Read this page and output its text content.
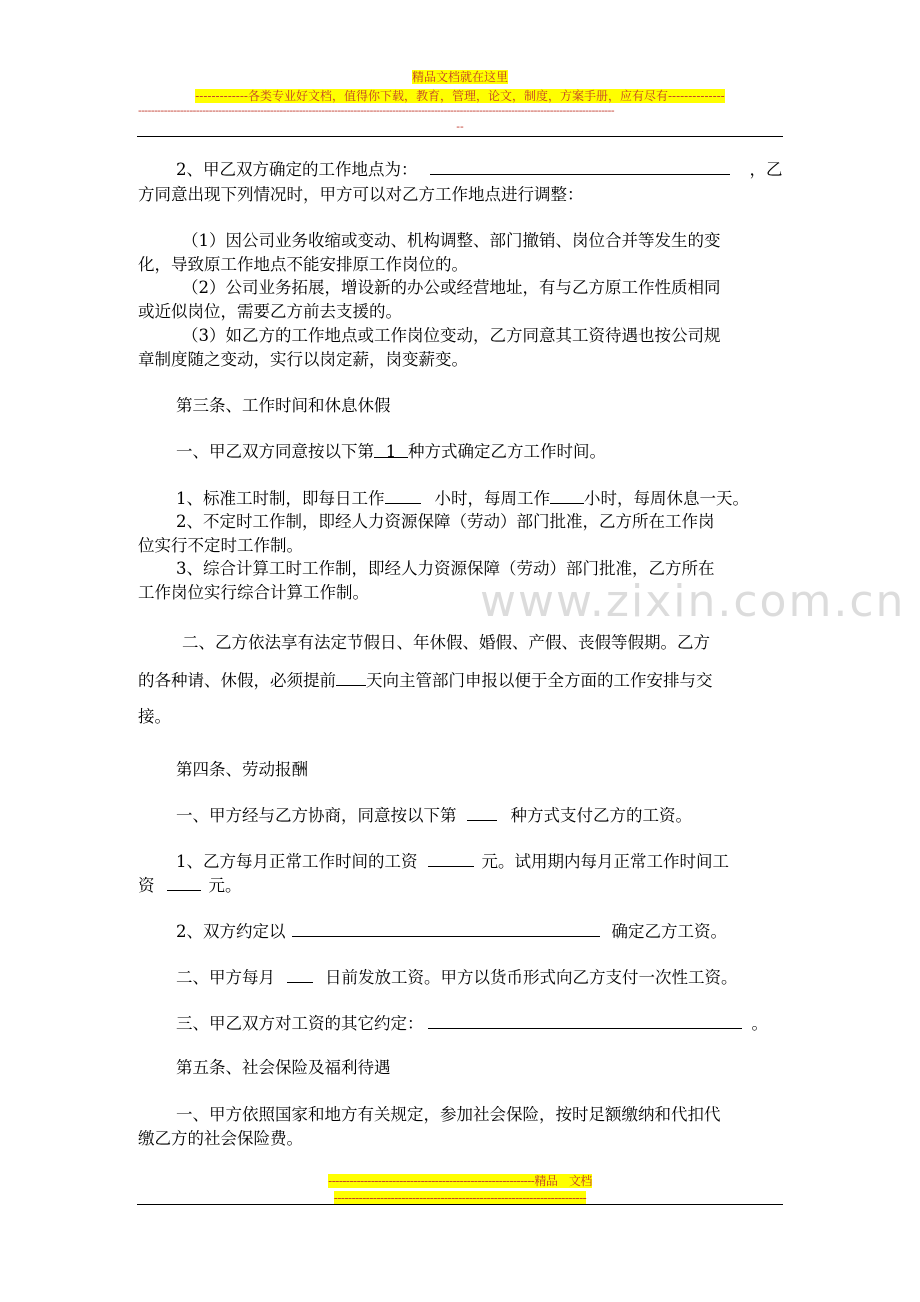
精品文档就在这里
-------------各类专业好文档，值得你下载，教育，管理，论文，制度，方案手册，应有尽有--------------
----------------------------------------------------------------------------------------------------------------------------------------------------
--
www.zixin.com.cn
2、甲乙双方确定的工作地点为：	，乙
方同意出现下列情况时，甲方可以对乙方工作地点进行调整：
（1）因公司业务收缩或变动、机构调整、部门撤销、岗位合并等发生的变
化，导致原工作地点不能安排原工作岗位的。
（2）公司业务拓展，增设新的办公或经营地址，有与乙方原工作性质相同
或近似岗位，需要乙方前去支援的。
（3）如乙方的工作地点或工作岗位变动，乙方同意其工资待遇也按公司规
章制度随之变动，实行以岗定薪，岗变薪变。
第三条、工作时间和休息休假
一、甲乙双方同意按以下第 1 种方式确定乙方工作时间。
1、标准工时制，即每日工作	小时，每周工作 小时，每周休息一天。
2、不定时工作制，即经人力资源保障（劳动）部门批准，乙方所在工作岗
位实行不定时工作制。
3、综合计算工时工作制，即经人力资源保障（劳动）部门批准，乙方所在
工作岗位实行综合计算工作制。
二、乙方依法享有法定节假日、年休假、婚假、产假、丧假等假期。乙方
的各种请、休假，必须提前 天向主管部门申报以便于全方面的工作安排与交
接。
第四条、劳动报酬
一、甲方经与乙方协商，同意按以下第	种方式支付乙方的工资。
1、乙方每月正常工作时间的工资	元。试用期内每月正常工作时间工
资	元。
2、双方约定以	确定乙方工资。
二、甲方每月	日前发放工资。甲方以货币形式向乙方支付一次性工资。
三、甲乙双方对工资的其它约定：	。
第五条、社会保险及福利待遇
一、甲方依照国家和地方有关规定，参加社会保险，按时足额缴纳和代扣代
缴乙方的社会保险费。
----------------------------------------------------------精品　文档
-----------------------------------------------------------------------
